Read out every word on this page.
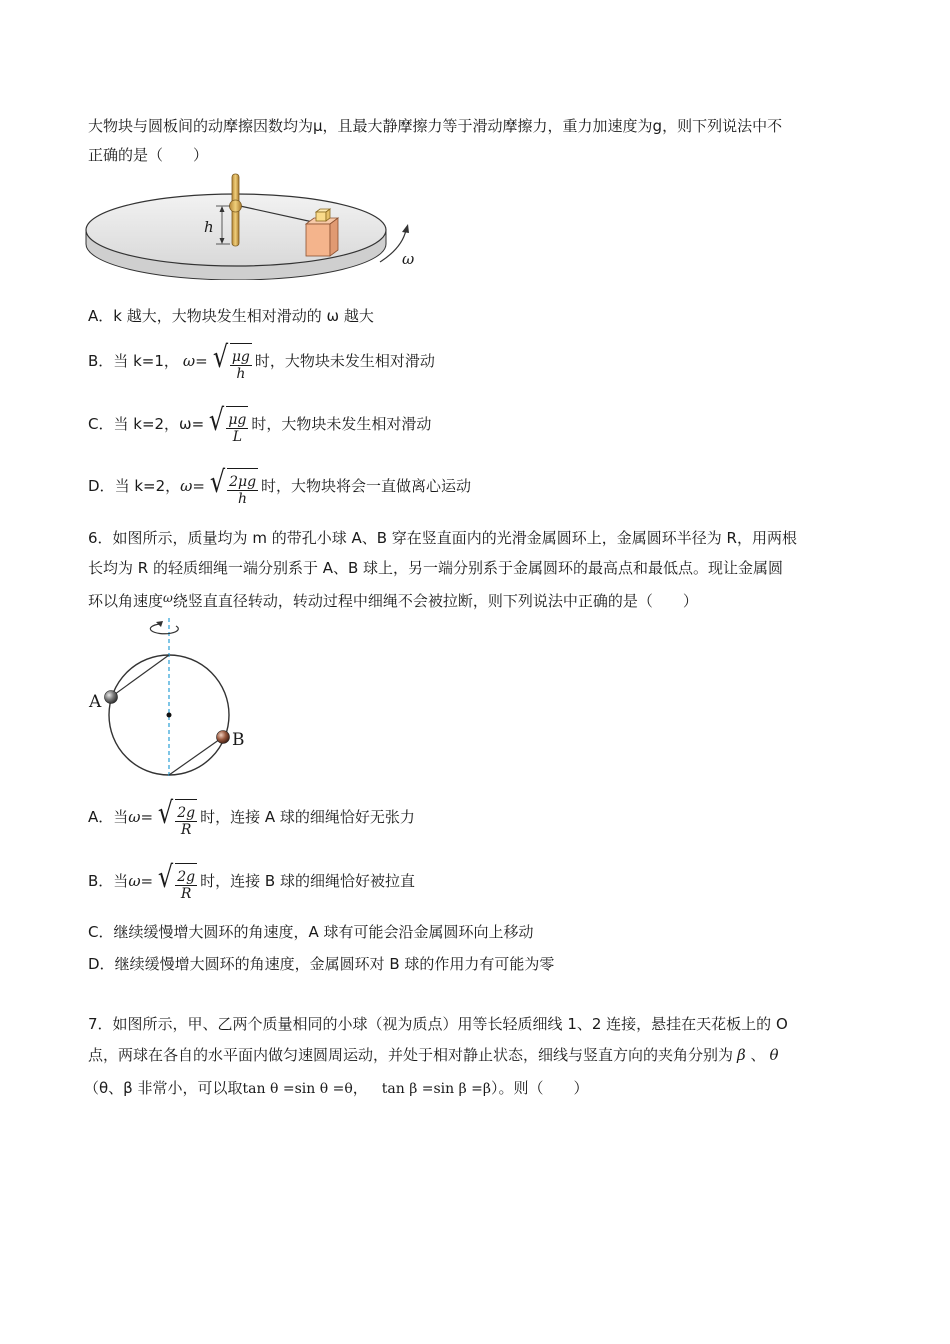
大物块与圆板间的动摩擦因数均为μ，且最大静摩擦力等于滑动摩擦力，重力加速度为g，则下列说法中不
正确的是（　　）
h
ω
A． k 越大，大物块发生相对滑动的 ω 越大
B． 当 k=1， ω = √ $\frac{\mu g}{h}$ 时，大物块未发生相对滑动
C． 当 k=2，ω= √ $\frac{\mu g}{L}$ 时，大物块未发生相对滑动
D． 当 k=2， ω = √ $\frac{2\mu g}{h}$ 时，大物块将会一直做离心运动
6．如图所示，质量均为 m 的带孔小球 A、B 穿在竖直面内的光滑金属圆环上，金属圆环半径为 R，用两根
长均为 R 的轻质细绳一端分别系于 A、B 球上，另一端分别系于金属圆环的最高点和最低点。现让金属圆
环以角速度$^\omega$绕竖直直径转动，转动过程中细绳不会被拉断，则下列说法中正确的是（　　）
A
B
A． 当 ω = √ $\frac{2g}{R}$ 时，连接 A 球的细绳恰好无张力
B． 当 ω = √ $\frac{2g}{R}$ 时，连接 B 球的细绳恰好被拉直
C． 继续缓慢增大圆环的角速度，A 球有可能会沿金属圆环向上移动
D． 继续缓慢增大圆环的角速度，金属圆环对 B 球的作用力有可能为零
7．如图所示，甲、乙两个质量相同的小球（视为质点）用等长轻质细线 1、2 连接，悬挂在天花板上的 O
点，两球在各自的水平面内做匀速圆周运动，并处于相对静止状态，细线与竖直方向的夹角分别为 β 、 θ
（θ、β 非常小，可以取tan θ =sin θ =θ， tan β =sin β =β）。则（　　）
